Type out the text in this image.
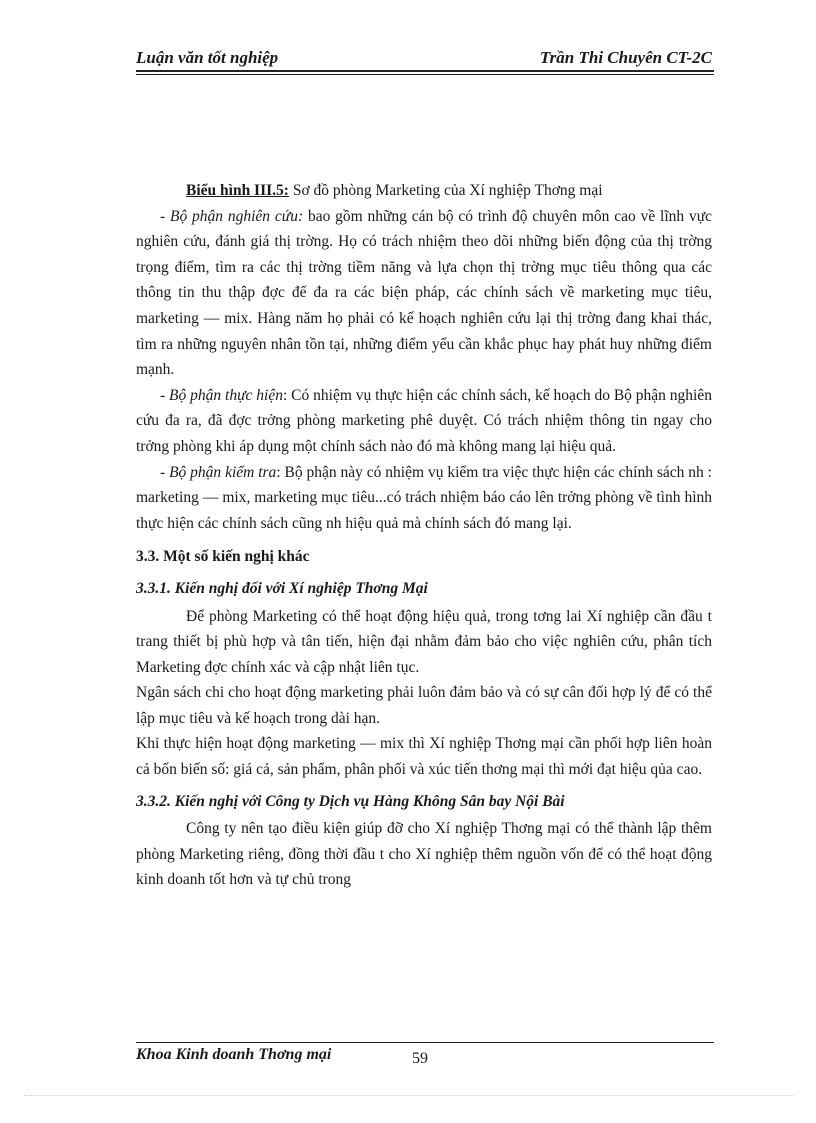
Luận văn tốt nghiệp	Trần Thi Chuyên CT-2C

Biểu hình III.5: Sơ đồ phòng Marketing của Xí nghiệp Thơng mại

- Bộ phận nghiên cứu: bao gồm những cán bộ có trình độ chuyên môn cao về lĩnh vực nghiên cứu, đánh giá thị trờng. Họ có trách nhiệm theo dõi những biến động của thị trờng trọng điểm, tìm ra các thị trờng tiềm năng và lựa chọn thị trờng mục tiêu thông qua các thông tin thu thập đợc để đa ra các biện pháp, các chính sách về marketing mục tiêu, marketing — mix. Hàng năm họ phải có kế hoạch nghiên cứu lại thị trờng đang khai thác, tìm ra những nguyên nhân tồn tại, những điểm yếu cần khắc phục hay phát huy những điểm mạnh.

- Bộ phận thực hiện: Có nhiệm vụ thực hiện các chính sách, kế hoạch do Bộ phận nghiên cứu đa ra, đã đợc trởng phòng marketing phê duyệt. Có trách nhiệm thông tin ngay cho trởng phòng khi áp dụng một chính sách nào đó mà không mang lại hiệu quả.

- Bộ phận kiểm tra: Bộ phận này có nhiệm vụ kiểm tra việc thực hiện các chính sách nh : marketing — mix, marketing mục tiêu...có trách nhiệm báo cáo lên trởng phòng về tình hình thực hiện các chính sách cũng nh hiệu quả mà chính sách đó mang lại.

3.3. Một số kiến nghị khác

3.3.1. Kiến nghị đối với Xí nghiệp Thơng Mại

Để phòng Marketing có thể hoạt động hiệu quả, trong tơng lai Xí nghiệp cần đầu t trang thiết bị phù hợp và tân tiến, hiện đại nhằm đảm bảo cho việc nghiên cứu, phân tích Marketing đợc chính xác và cập nhật liên tục.

Ngân sách chi cho hoạt động marketing phải luôn đảm bảo và có sự cân đối hợp lý để có thể lập mục tiêu và kế hoạch trong dài hạn.

Khi thực hiện hoạt động marketing — mix thì Xí nghiệp Thơng mại cần phối hợp liên hoàn cả bốn biến số: giá cả, sản phẩm, phân phối và xúc tiến thơng mại thì mới đạt hiệu qủa cao.

3.3.2. Kiến nghị với Công ty Dịch vụ Hàng Không Sân bay Nội Bài

Công ty nên tạo điều kiện giúp đỡ cho Xí nghiệp Thơng mại có thể thành lập thêm phòng Marketing riêng, đồng thời đầu t cho Xí nghiệp thêm nguồn vốn để có thể hoạt động kinh doanh tốt hơn và tự chủ trong

Khoa Kinh doanh Thơng mại	59
